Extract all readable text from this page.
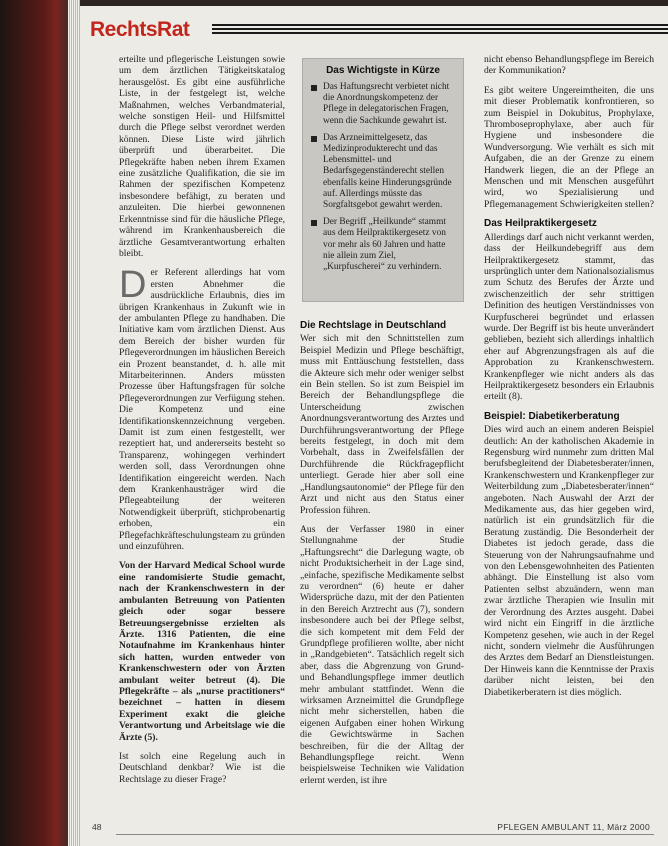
RechtsRat

erteilte und pflegerische Leistungen sowie um dem ärztlichen Tätigkeitskatalog herausgelöst. Es gibt eine ausführliche Liste, in der festgelegt ist, welche Maßnahmen, welches Verbandmaterial, welche sonstigen Heil- und Hilfsmittel durch die Pflege selbst verordnet werden können. Diese Liste wird jährlich überprüft und überarbeitet. Die Pflegekräfte haben neben ihrem Examen eine zusätzliche Qualifikation, die sie im Rahmen der spezifischen Kompetenz insbesondere befähigt, zu beraten und anzuleiten. Die hierbei gewonnenen Erkenntnisse sind für die häusliche Pflege, während im Krankenhausbereich die ärztliche Gesamtverantwortung erhalten bleibt.

Der Referent allerdings hat vom ersten Abnehmer die ausdrückliche Erlaubnis, dies im übrigen Krankenhaus in Zukunft wie in der ambulanten Pflege zu handhaben. Die Initiative kam vom ärztlichen Dienst. Aus dem Bereich der bisher wurden für Pflegeverordnungen im häuslichen Bereich ein Prozent beanstandet, d. h. alle mit Mitarbeiterinnen. Anders müssten Prozesse über Haftungsfragen für solche Pflegeverordnungen zur Verfügung stehen. Die Kompetenz und eine Identifikationskennzeichnung vergeben. Damit ist zum einen festgestellt, wer rezeptiert hat, und andererseits besteht so Transparenz, wohingegen verhindert werden soll, dass Verordnungen ohne Identifikation eingereicht werden. Nach dem Krankenhausträger wird die Pflegeabteilung der weiteren Notwendigkeit überprüft, stichprobenartig erhoben, ein Pflegefachkräfteschulungsteam zu gründen und einzuführen.

Von der Harvard Medical School wurde eine randomisierte Studie gemacht, nach der Krankenschwestern in der ambulanten Betreuung von Patienten gleich oder sogar bessere Betreuungsergebnisse erzielten als Ärzte. 1316 Patienten, die eine Notaufnahme im Krankenhaus hinter sich hatten, wurden entweder von Krankenschwestern oder von Ärzten ambulant weiter betreut (4). Die Pflegekräfte – als „nurse practitioners“ bezeichnet – hatten in diesem Experiment exakt die gleiche Verantwortung und Arbeitslage wie die Ärzte (5).

Ist solch eine Regelung auch in Deutschland denkbar? Wie ist die Rechtslage zu dieser Frage?

Das Wichtigste in Kürze
Das Haftungsrecht verbietet nicht die Anordnungskompetenz der Pflege in delegatorischen Fragen, wenn die Sachkunde gewahrt ist.
Das Arzneimittelgesetz, das Medizinprodukterecht und das Lebensmittel- und Bedarfsgegenständerecht stellen ebenfalls keine Hinderungsgründe auf. Allerdings müsste das Sorgfaltsgebot gewahrt werden.
Der Begriff „Heilkunde“ stammt aus dem Heilpraktikergesetz von vor mehr als 60 Jahren und hatte nie allein zum Ziel, „Kurpfuscherei“ zu verhindern.
Die Rechtslage in Deutschland

Wer sich mit den Schnittstellen zum Beispiel Medizin und Pflege beschäftigt, muss mit Enttäuschung feststellen, dass die Akteure sich mehr oder weniger selbst ein Bein stellen. So ist zum Beispiel im Bereich der Behandlungspflege die Unterscheidung zwischen Anordnungsverantwortung des Arztes und Durchführungsverantwortung der Pflege bereits festgelegt, in doch mit dem Vorbehalt, dass in Zweifelsfällen der Durchführende die Rückfragepflicht unterliegt. Gerade hier aber soll eine „Handlungsautonomie“ der Pflege für den Arzt und nicht aus den Status einer Profession führen.

Aus der Verfasser 1980 in einer Stellungnahme der Studie „Haftungsrecht“ die Darlegung wagte, ob nicht Produktsicherheit in der Lage sind, „einfache, spezifische Medikamente selbst zu verordnen“ (6) heute er daher Widersprüche dazu, mit der den Patienten in den Bereich Arztrecht aus (7), sondern insbesondere auch bei der Pflege selbst, die sich kompetent mit dem Feld der Grundpflege profilieren wollte, aber nicht in „Randgebieten“. Tatsächlich regelt sich aber, dass die Abgrenzung von Grund- und Behandlungspflege immer deutlich mehr ambulant stattfindet. Wenn die wirksamen Arzneimittel die Grundpflege nicht mehr sicherstellen, haben die eigenen Aufgaben einer hohen Wirkung die Gewichtswärme in Sachen beschreiben, für die der Alltag der Behandlungspflege reicht. Wenn beispielsweise Techniken wie Validation erlernt werden, ist ihre

nicht ebenso Behandlungspflege im Bereich der Kommunikation?

Es gibt weitere Ungereimtheiten, die uns mit dieser Problematik konfrontieren, so zum Beispiel in Dokubitus, Prophylaxe, Thromboseprophylaxe, aber auch für Hygiene und insbesondere die Wundversorgung. Wie verhält es sich mit Aufgaben, die an der Grenze zu einem Handwerk liegen, die an der Pflege an Menschen und mit Menschen ausgeführt wird, wo Spezialisierung und Pflegemanagement Schwierigkeiten stellen?

Das Heilpraktikergesetz

Allerdings darf auch nicht verkannt werden, dass der Heilkundebegriff aus dem Heilpraktikergesetz stammt, das ursprünglich unter dem Nationalsozialismus zum Schutz des Berufes der Ärzte und zwischenzeitlich der sehr strittigen Definition des heutigen Verständnisses von Kurpfuscherei begründet und erlassen wurde. Der Begriff ist bis heute unverändert geblieben, bezieht sich allerdings inhaltlich eher auf Abgrenzungsfragen als auf die Approbation zu Krankenschwestern. Krankenpfleger wie nicht anders als das Heilpraktikergesetz besonders ein Erlaubnis erteilt (8).

Beispiel: Diabetikerberatung

Dies wird auch an einem anderen Beispiel deutlich: An der katholischen Akademie in Regensburg wird nunmehr zum dritten Mal berufsbegleitend der Diabetesberater/innen, Krankenschwestern und Krankenpfleger zur Weiterbildung zum „Diabetesberater/innen“ angeboten. Nach Auswahl der Arzt der Medikamente aus, das hier gegeben wird, natürlich ist ein grundsätzlich für die Beratung zuständig. Die Besonderheit der Diabetes ist jedoch gerade, dass die Steuerung von der Nahrungsaufnahme und von den Lebensgewohnheiten des Patienten abhängt. Die Einstellung ist also vom Patienten selbst abzuändern, wenn man zwar ärztliche Therapien wie Insulin mit der Verordnung des Arztes ausgeht. Dabei wird nicht ein Eingriff in die ärztliche Kompetenz gesehen, wie auch in der Regel nicht, sondern vielmehr die Ausführungen des Arztes dem Bedarf an Dienstleistungen. Der Hinweis kann die Kenntnisse der Praxis darüber nicht leisten, bei den Diabetikerberatern ist dies möglich.

48	PFLEGEN AMBULANT 11, März 2000
